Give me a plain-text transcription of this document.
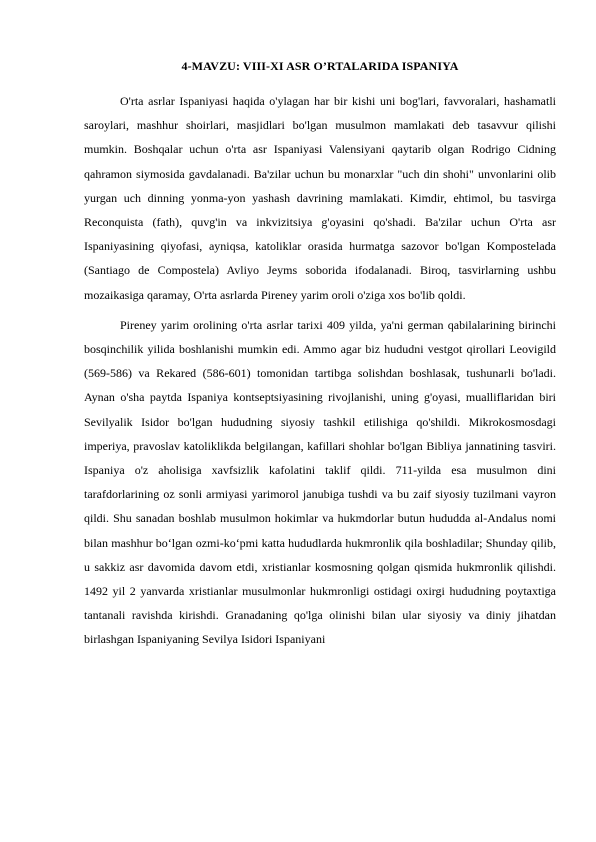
4-MAVZU: VIII-XI ASR O’RTALARIDA ISPANIYA

O'rta asrlar Ispaniyasi haqida o'ylagan har bir kishi uni bog'lari, favvoralari, hashamatli saroylari, mashhur shoirlari, masjidlari bo'lgan musulmon mamlakati deb tasavvur qilishi mumkin. Boshqalar uchun o'rta asr Ispaniyasi Valensiyani qaytarib olgan Rodrigo Cidning qahramon siymosida gavdalanadi. Ba'zilar uchun bu monarxlar "uch din shohi" unvonlarini olib yurgan uch dinning yonma-yon yashash davrining mamlakati. Kimdir, ehtimol, bu tasvirga Reconquista (fath), quvg'in va inkvizitsiya g'oyasini qo'shadi. Ba'zilar uchun O'rta asr Ispaniyasining qiyofasi, ayniqsa, katoliklar orasida hurmatga sazovor bo'lgan Kompostelada (Santiago de Compostela) Avliyo Jeyms soborida ifodalanadi. Biroq, tasvirlarning ushbu mozaikasiga qaramay, O'rta asrlarda Pireney yarim oroli o'ziga xos bo'lib qoldi.

Pireney yarim orolining o'rta asrlar tarixi 409 yilda, ya'ni german qabilalarining birinchi bosqinchilik yilida boshlanishi mumkin edi. Ammo agar biz hududni vestgot qirollari Leovigild (569-586) va Rekared (586-601) tomonidan tartibga solishdan boshlasak, tushunarli bo'ladi. Aynan o'sha paytda Ispaniya kontseptsiyasining rivojlanishi, uning g'oyasi, mualliflaridan biri Sevilyalik Isidor bo'lgan hududning siyosiy tashkil etilishiga qo'shildi. Mikrokosmosdagi imperiya, pravoslav katoliklikda belgilangan, kafillari shohlar bo'lgan Bibliya jannatining tasviri. Ispaniya o'z aholisiga xavfsizlik kafolatini taklif qildi. 711-yilda esa musulmon dini tarafdorlarining oz sonli armiyasi yarimorol janubiga tushdi va bu zaif siyosiy tuzilmani vayron qildi. Shu sanadan boshlab musulmon hokimlar va hukmdorlar butun hududda al-Andalus nomi bilan mashhur bo‘lgan ozmi-ko‘pmi katta hududlarda hukmronlik qila boshladilar; Shunday qilib, u sakkiz asr davomida davom etdi, xristianlar kosmosning qolgan qismida hukmronlik qilishdi. 1492 yil 2 yanvarda xristianlar musulmonlar hukmronligi ostidagi oxirgi hududning poytaxtiga tantanali ravishda kirishdi. Granadaning qo'lga olinishi bilan ular siyosiy va diniy jihatdan birlashgan Ispaniyaning Sevilya Isidori Ispaniyani
